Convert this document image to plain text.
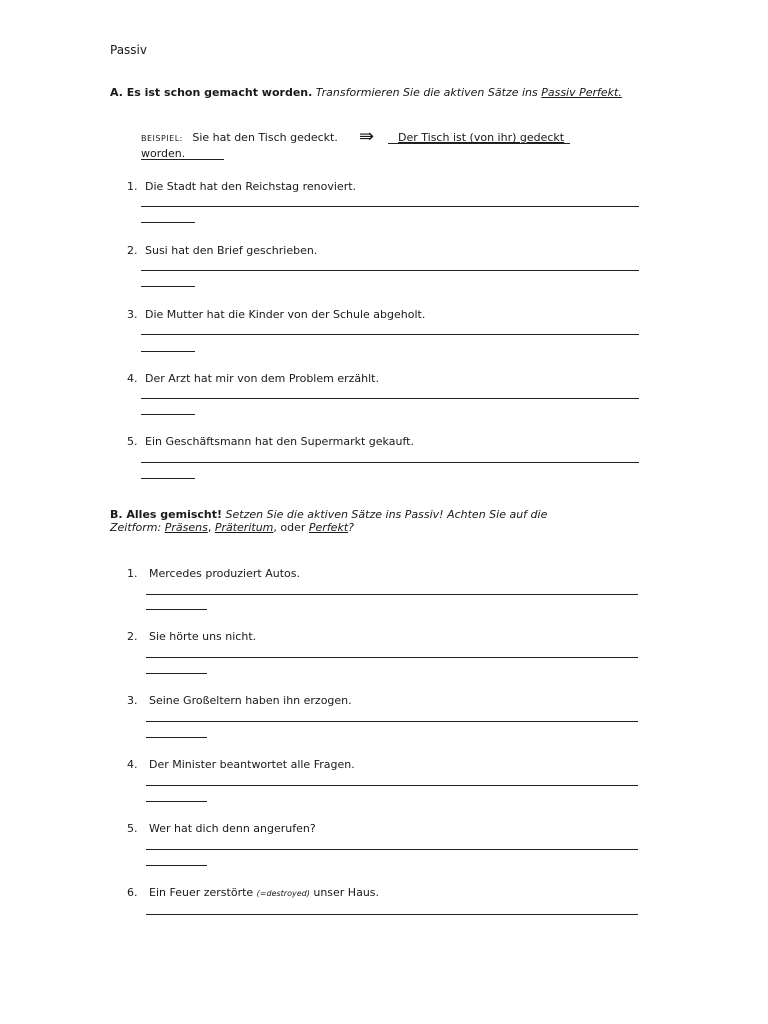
Passiv
A. Es ist schon gemacht worden. Transformieren Sie die aktiven Sätze ins Passiv Perfekt.
BEISPIEL: Sie hat den Tisch gedeckt. ⇛	Der Tisch ist (von ihr) gedeckt
worden.
1. Die Stadt hat den Reichstag renoviert.
2. Susi hat den Brief geschrieben.
3. Die Mutter hat die Kinder von der Schule abgeholt.
4. Der Arzt hat mir von dem Problem erzählt.
5. Ein Geschäftsmann hat den Supermarkt gekauft.
B. Alles gemischt! Setzen Sie die aktiven Sätze ins Passiv! Achten Sie auf die
Zeitform: Präsens, Präteritum, oder Perfekt?
1. Mercedes produziert Autos.
2. Sie hörte uns nicht.
3. Seine Großeltern haben ihn erzogen.
4. Der Minister beantwortet alle Fragen.
5. Wer hat dich denn angerufen?
6. Ein Feuer zerstörte (=destroyed) unser Haus.
